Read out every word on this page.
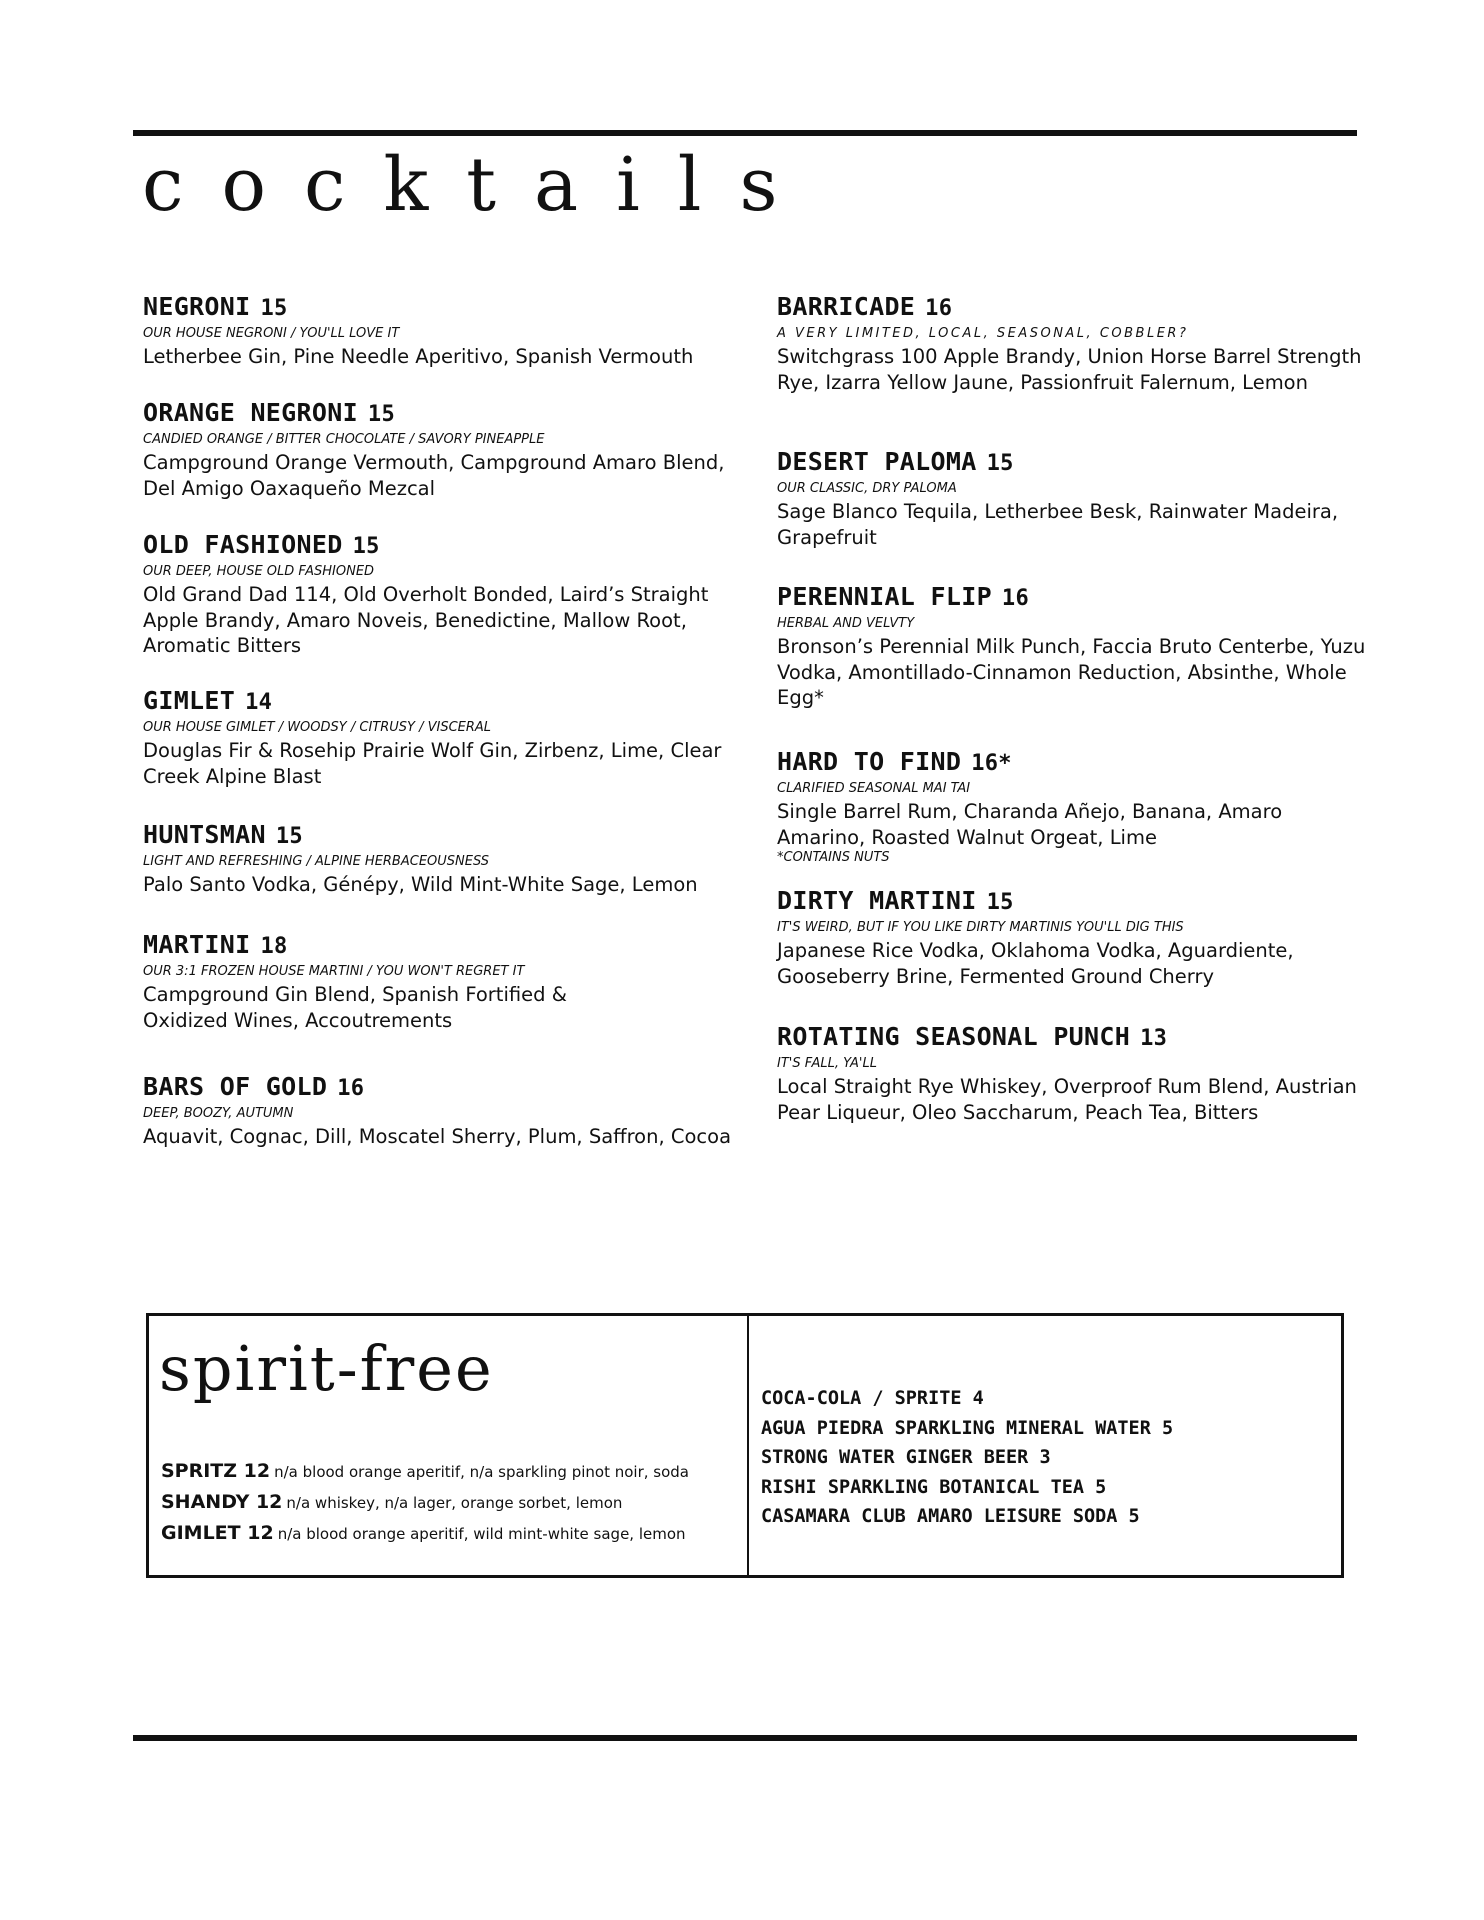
cocktails
NEGRONI 15
OUR HOUSE NEGRONI / YOU'LL LOVE IT
Letherbee Gin, Pine Needle Aperitivo, Spanish Vermouth
ORANGE NEGRONI 15
CANDIED ORANGE / BITTER CHOCOLATE / SAVORY PINEAPPLE
Campground Orange Vermouth, Campground Amaro Blend, Del Amigo Oaxaqueño Mezcal
OLD FASHIONED 15
OUR DEEP, HOUSE OLD FASHIONED
Old Grand Dad 114, Old Overholt Bonded, Laird’s Straight Apple Brandy, Amaro Noveis, Benedictine, Mallow Root, Aromatic Bitters
GIMLET 14
OUR HOUSE GIMLET / WOODSY / CITRUSY / VISCERAL
Douglas Fir & Rosehip Prairie Wolf Gin, Zirbenz, Lime, Clear Creek Alpine Blast
HUNTSMAN 15
LIGHT AND REFRESHING / ALPINE HERBACEOUSNESS
Palo Santo Vodka, Génépy, Wild Mint-White Sage, Lemon
MARTINI 18
OUR 3:1 FROZEN HOUSE MARTINI / YOU WON'T REGRET IT
Campground Gin Blend, Spanish Fortified & Oxidized Wines, Accoutrements
BARS OF GOLD 16
DEEP, BOOZY, AUTUMN
Aquavit, Cognac, Dill, Moscatel Sherry, Plum, Saffron, Cocoa
BARRICADE 16
A VERY LIMITED, LOCAL, SEASONAL, COBBLER?
Switchgrass 100 Apple Brandy, Union Horse Barrel Strength Rye, Izarra Yellow Jaune, Passionfruit Falernum, Lemon
DESERT PALOMA 15
OUR CLASSIC, DRY PALOMA
Sage Blanco Tequila, Letherbee Besk, Rainwater Madeira, Grapefruit
PERENNIAL FLIP 16
HERBAL AND VELVTY
Bronson’s Perennial Milk Punch, Faccia Bruto Centerbe, Yuzu Vodka, Amontillado-Cinnamon Reduction, Absinthe, Whole Egg*
HARD TO FIND 16*
CLARIFIED SEASONAL MAI TAI
Single Barrel Rum, Charanda Añejo, Banana, Amaro Amarino, Roasted Walnut Orgeat, Lime
*CONTAINS NUTS
DIRTY MARTINI 15
IT'S WEIRD, BUT IF YOU LIKE DIRTY MARTINIS YOU'LL DIG THIS
Japanese Rice Vodka, Oklahoma Vodka, Aguardiente, Gooseberry Brine, Fermented Ground Cherry
ROTATING SEASONAL PUNCH 13
IT'S FALL, YA'LL
Local Straight Rye Whiskey, Overproof Rum Blend, Austrian Pear Liqueur, Oleo Saccharum, Peach Tea, Bitters
spirit-free
SPRITZ 12 n/a blood orange aperitif, n/a sparkling pinot noir, soda
SHANDY 12 n/a whiskey, n/a lager, orange sorbet, lemon
GIMLET 12 n/a blood orange aperitif, wild mint-white sage, lemon
COCA-COLA / SPRITE 4
AGUA PIEDRA SPARKLING MINERAL WATER 5
STRONG WATER GINGER BEER 3
RISHI SPARKLING BOTANICAL TEA 5
CASAMARA CLUB AMARO LEISURE SODA 5
